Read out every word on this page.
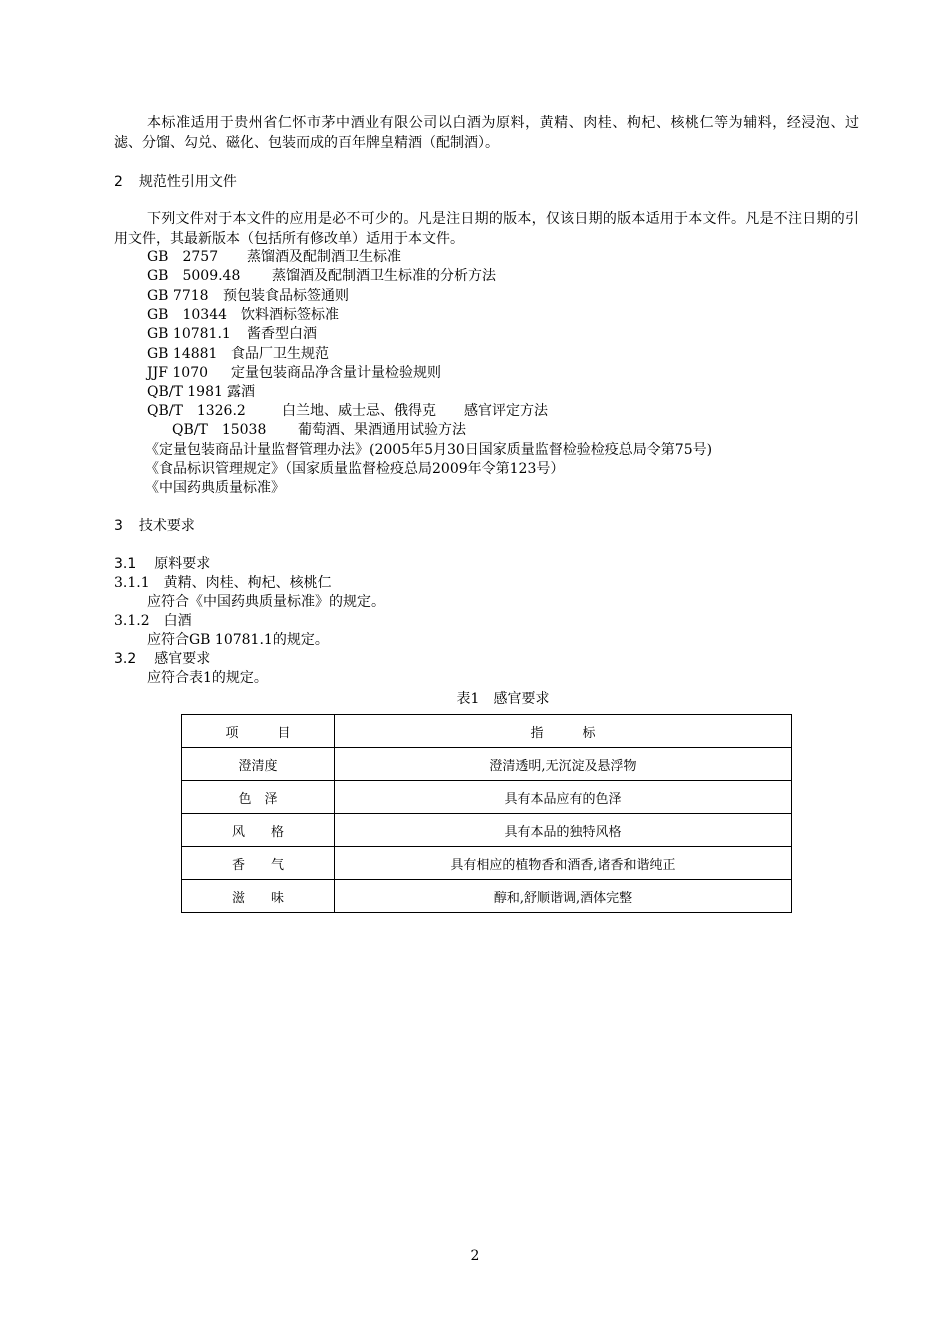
本标准适用于贵州省仁怀市茅中酒业有限公司以白酒为原料，黄精、肉桂、枸杞、核桃仁等为辅料，经浸泡、过滤、分馏、勾兑、磁化、包装而成的百年牌皇精酒（配制酒）。
2 规范性引用文件
下列文件对于本文件的应用是必不可少的。凡是注日期的版本，仅该日期的版本适用于本文件。凡是不注日期的引用文件，其最新版本（包括所有修改单）适用于本文件。
GB　2757 蒸馏酒及配制酒卫生标准
GB　5009.48 蒸馏酒及配制酒卫生标准的分析方法
GB 7718 预包装食品标签通则
GB　10344 饮料酒标签标准
GB 10781.1 酱香型白酒
GB 14881 食品厂卫生规范
JJF 1070 定量包装商品净含量计量检验规则
QB/T 1981 露酒
QB/T　1326.2	白兰地、威士忌、俄得克　　感官评定方法
QB/T　15038 葡萄酒、果酒通用试验方法
《定量包装商品计量监督管理办法》(2005年5月30日国家质量监督检验检疫总局令第75号)
《食品标识管理规定》（国家质量监督检疫总局2009年令第123号）
《中国药典质量标准》
3 技术要求
3.1 原料要求
3.1.1 黄精、肉桂、枸杞、核桃仁
应符合《中国药典质量标准》的规定。
3.1.2 白酒
应符合GB 10781.1的规定。
3.2 感官要求
应符合表1的规定。
表1　感官要求
项　　　目	指　　　标
澄清度	澄清透明,无沉淀及悬浮物
色　泽	具有本品应有的色泽
风　　格	具有本品的独特风格
香　　气	具有相应的植物香和酒香,诸香和谐纯正
滋　　味	醇和,舒顺谐调,酒体完整
2
